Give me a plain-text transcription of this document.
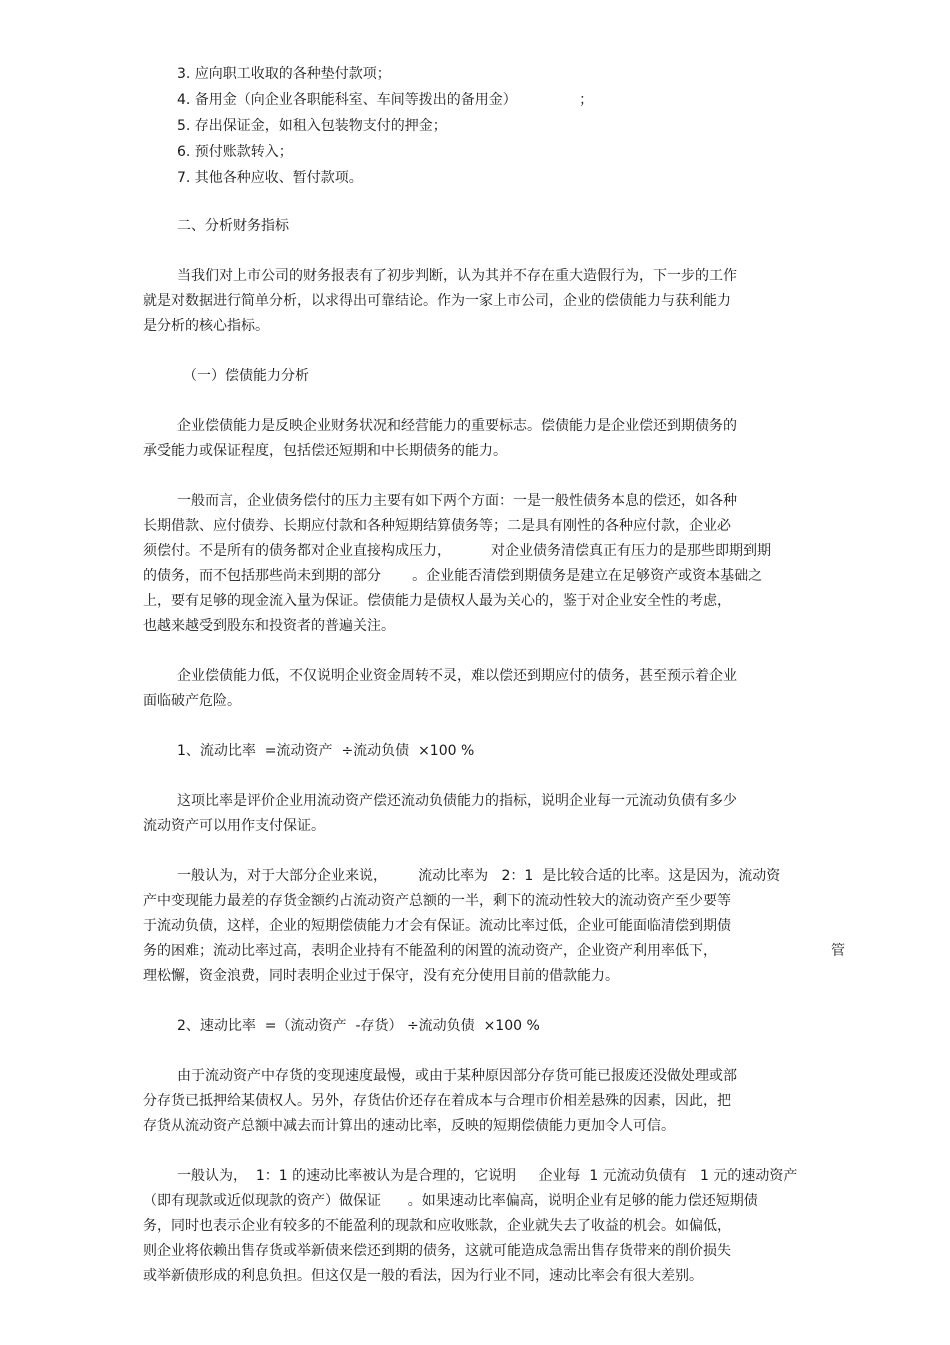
3. 应向职工收取的各种垫付款项；
4. 备用金（向企业各职能科室、车间等拨出的备用金）              ；
5. 存出保证金，如租入包装物支付的押金；
6. 预付账款转入；
7. 其他各种应收、暂付款项。
二、分析财务指标
当我们对上市公司的财务报表有了初步判断，认为其并不存在重大造假行为，下一步的工作
就是对数据进行简单分析，以求得出可靠结论。作为一家上市公司，企业的偿债能力与获利能力
是分析的核心指标。
（一）偿债能力分析
企业偿债能力是反映企业财务状况和经营能力的重要标志。偿债能力是企业偿还到期债务的
承受能力或保证程度，包括偿还短期和中长期债务的能力。
一般而言，企业债务偿付的压力主要有如下两个方面：一是一般性债务本息的偿还，如各种
长期借款、应付债券、长期应付款和各种短期结算债务等；二是具有刚性的各种应付款，企业必
须偿付。不是所有的债务都对企业直接构成压力，         对企业债务清偿真正有压力的是那些即期到期
的债务，而不包括那些尚未到期的部分       。企业能否清偿到期债务是建立在足够资产或资本基础之
上，要有足够的现金流入量为保证。偿债能力是债权人最为关心的，鉴于对企业安全性的考虑，
也越来越受到股东和投资者的普遍关注。
企业偿债能力低，不仅说明企业资金周转不灵，难以偿还到期应付的债务，甚至预示着企业
面临破产危险。
1、流动比率  =流动资产  ÷流动负债  ×100 %
这项比率是评价企业用流动资产偿还流动负债能力的指标，说明企业每一元流动负债有多少
流动资产可以用作支付保证。
一般认为，对于大部分企业来说，       流动比率为   2：1  是比较合适的比率。这是因为，流动资
产中变现能力最差的存货金额约占流动资产总额的一半，剩下的流动性较大的流动资产至少要等
于流动负债，这样，企业的短期偿债能力才会有保证。流动比率过低，企业可能面临清偿到期债
务的困难；流动比率过高，表明企业持有不能盈利的闲置的流动资产，企业资产利用率低下，	管
理松懈，资金浪费，同时表明企业过于保守，没有充分使用目前的借款能力。
2、速动比率  =（流动资产  -存货） ÷流动负债  ×100 %
由于流动资产中存货的变现速度最慢，或由于某种原因部分存货可能已报废还没做处理或部
分存货已抵押给某债权人。另外，存货估价还存在着成本与合理市价相差悬殊的因素，因此，把
存货从流动资产总额中减去而计算出的速动比率，反映的短期偿债能力更加令人可信。
一般认为，  1：1 的速动比率被认为是合理的，它说明     企业每  1 元流动负债有   1 元的速动资产
（即有现款或近似现款的资产）做保证      。如果速动比率偏高，说明企业有足够的能力偿还短期债
务，同时也表示企业有较多的不能盈利的现款和应收账款，企业就失去了收益的机会。如偏低，
则企业将依赖出售存货或举新债来偿还到期的债务，这就可能造成急需出售存货带来的削价损失
或举新债形成的利息负担。但这仅是一般的看法，因为行业不同，速动比率会有很大差别。
